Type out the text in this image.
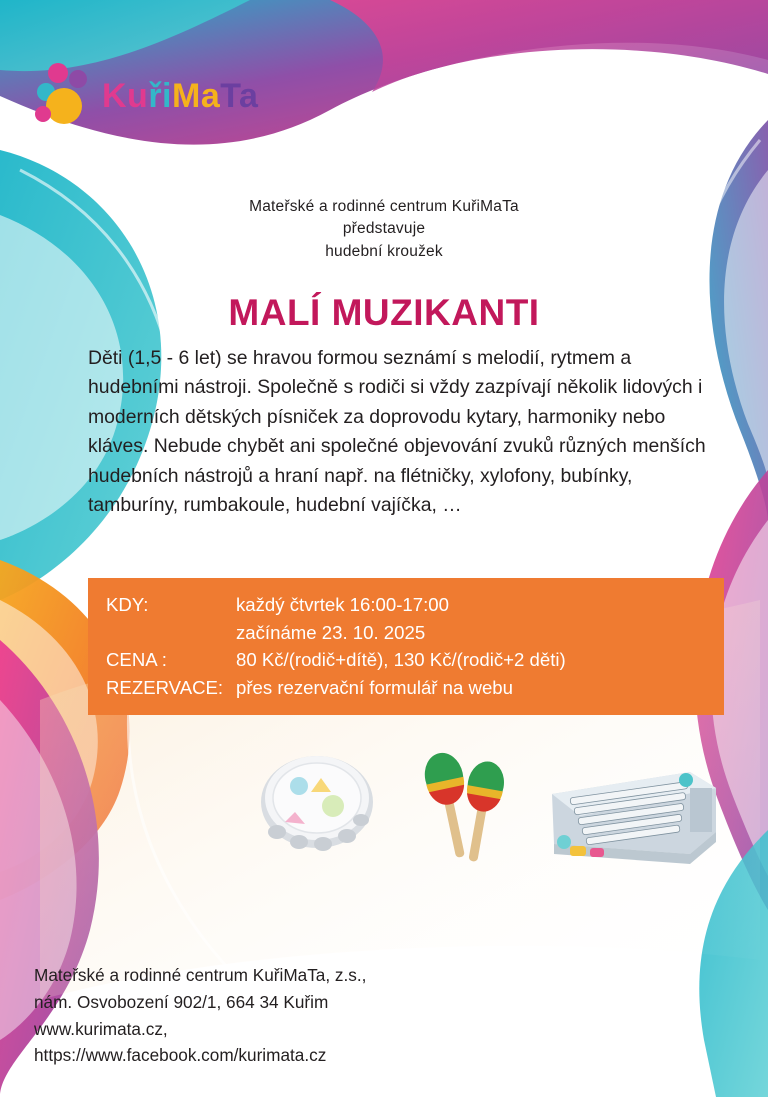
KuřiMaTa
Mateřské a rodinné centrum KuřiMaTa
představuje
hudební kroužek
MALÍ MUZIKANTI
Děti (1,5 - 6 let) se hravou formou seznámí s melodií, rytmem a hudebními nástroji. Společně s rodiči si vždy zazpívají několik lidových i moderních dětských písniček za doprovodu kytary, harmoniky nebo kláves. Nebude chybět ani společné objevování zvuků různých menších hudebních nástrojů a hraní např. na flétničky, xylofony, bubínky, tamburíny, rumbakoule, hudební vajíčka, …
KDY:	každý čtvrtek 16:00-17:00
začínáme 23. 10. 2025
CENA :	80 Kč/(rodič+dítě), 130 Kč/(rodič+2 děti)
REZERVACE: přes rezervační formulář na webu
Mateřské a rodinné centrum KuřiMaTa, z.s.,
nám. Osvobození 902/1, 664 34 Kuřim
www.kurimata.cz,
https://www.facebook.com/kurimata.cz
